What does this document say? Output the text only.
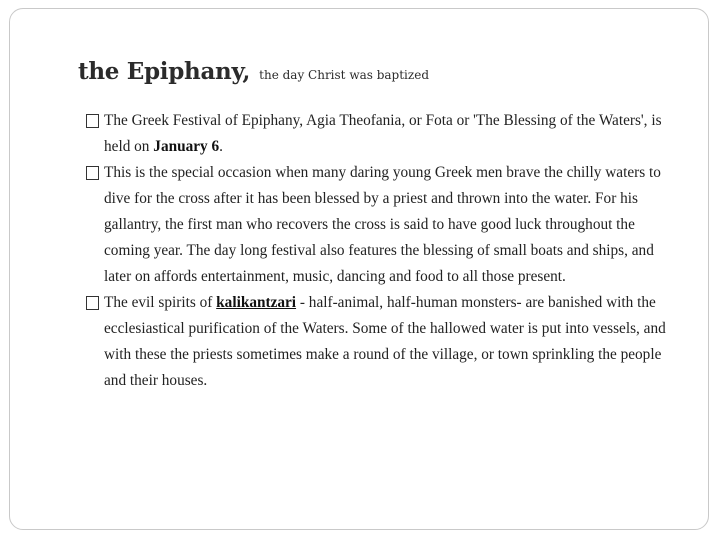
the Epiphany, the day Christ was baptized

The Greek Festival of Epiphany, Agia Theofania, or Fota or 'The Blessing of the Waters', is held on January 6.

This is the special occasion when many daring young Greek men brave the chilly waters to dive for the cross after it has been blessed by a priest and thrown into the water. For his gallantry, the first man who recovers the cross is said to have good luck throughout the coming year. The day long festival also features the blessing of small boats and ships, and later on affords entertainment, music, dancing and food to all those present.

The evil spirits of kalikantzari - half-animal, half-human monsters- are banished with the ecclesiastical purification of the Waters. Some of the hallowed water is put into vessels, and with these the priests sometimes make a round of the village, or town sprinkling the people and their houses.
